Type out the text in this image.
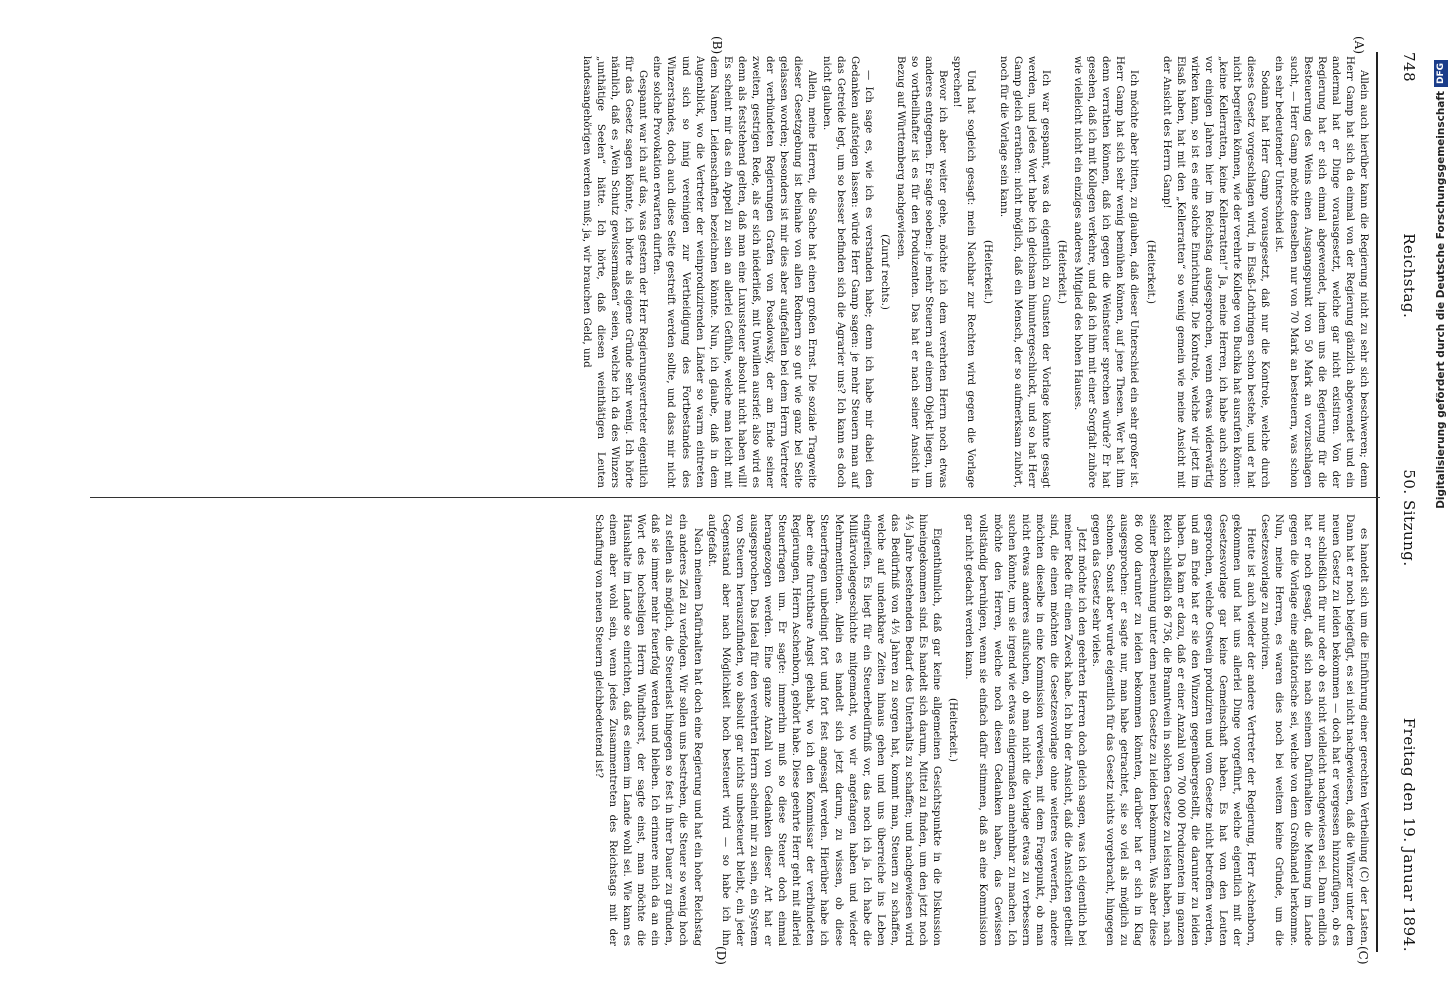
748
Reichstag.
50. Sitzung.
Freitag den 19. Januar 1894.
(A)
(B)
(C)
(D)

Allein auch hierüber kann die Regierung nicht zu sehr sich beschweren; denn Herr Gamp hat sich da einmal von der Regierung gänzlich abgewendet und ein andermal hat er Dinge vorausgesetzt, welche gar nicht existiren. Von der Regierung hat er sich einmal abgewendet, indem uns die Regierung für die Besteuerung des Weins einen Ausgangspunkt von 50 Mark an vorzuschlagen sucht, — Herr Gamp möchte denselben nur von 70 Mark an besteuern, was schon ein sehr bedeutender Unterschied ist.

Sodann hat Herr Gamp vorausgesetzt, daß nur die Kontrole, welche durch dieses Gesetz vorgeschlagen wird, in Elsaß-Lothringen schon bestehe, und er hat nicht begreifen können, wie der verehrte Kollege von Buchka hat ausrufen können: „keine Kellerratten, keine Kellerratten!“ Ja, meine Herren, ich habe auch schon vor einigen Jahren hier im Reichstag ausgesprochen, wenn etwas widerwärtig wirken kann, so ist es eine solche Einrichtung. Die Kontrole, welche wir jetzt im Elsaß haben, hat mit den „Kellerratten“ so wenig gemein wie meine Ansicht mit der Ansicht des Herrn Gamp!

(Heiterkeit.)

Ich möchte aber bitten, zu glauben, daß dieser Unterschied ein sehr großer ist. Herr Gamp hat sich sehr wenig bemühen können, auf jene Thesen. Wer hat ihm denn verrathen können, daß ich gegen die Weinsteuer sprechen würde? Er hat gesehen, daß ich mit Kollegen verkehre, und daß ich ihm mit einer Sorgfalt zuhöre wie vielleicht nicht ein einziges anderes Mitglied des hohen Hauses.

(Heiterkeit.)

Ich war gespannt, was da eigentlich zu Gunsten der Vorlage könnte gesagt werden, und jedes Wort habe ich gleichsam hinuntergeschluckt, und so hat Herr Gamp gleich errathen: nicht möglich, daß ein Mensch, der so aufmerksam zuhört, noch für die Vorlage sein kann.

(Heiterkeit.)

Und hat sogleich gesagt: mein Nachbar zur Rechten wird gegen die Vorlage sprechen!

Bevor ich aber weiter gehe, möchte ich dem verehrten Herrn noch etwas anderes entgegnen. Er sagte soeben: je mehr Steuern auf einem Objekt liegen, um so vortheilhafter ist es für den Produzenten. Das hat er nach seiner Ansicht in Bezug auf Württemberg nachgewiesen.

(Zuruf rechts.)

— Ich sage es, wie ich es verstanden habe; denn ich habe mir dabei den Gedanken aufsteigen lassen: würde Herr Gamp sagen: je mehr Steuern man auf das Getreide legt, um so besser befinden sich die Agrarier uns? Ich kann es doch nicht glauben.

Allein, meine Herren, die Sache hat einen großen Ernst. Die soziale Tragweite dieser Gesetzgebung ist beinahe von allen Rednern so gut wie ganz bei Seite gelassen worden; besonders ist mir dies aber aufgefallen bei dem Herrn Vertreter der verbündeten Regierungen Grafen von Posadowsky, der am Ende seiner zweiten, gestrigen Rede, als er sich niederließ, mit Unwillen ausrief: also wird es denn als feststehend gelten, daß man eine Luxussteuer absolut nicht haben will! Es scheint mir das ein Appell zu sein an allerlei Gefühle, welche man leicht mit dem Namen Leidenschaften bezeichnen könnte. Nun, ich glaube, daß in dem Augenblick, wo die Vertreter der weinproduzirenden Länder so warm eintreten und sich so innig vereinigen zur Vertheidigung des Fortbestandes des Winzerstandes, doch auch diese Seite gestreift werden sollte, und dass mir nicht eine solche Provokation erwarten durften.

Gespannt war ich auf das, was gestern der Herr Regierungsvertreter eigentlich für das Gesetz sagen könnte, ich hörte als eigene Gründe sehr wenig. Ich hörte nämlich, daß es „Wein Schutz gewissermaßen“ seien, welche ich da des Winzers „unthätige Seelen“ hätte. Ich hörte, daß diesen weinthätigen Leuten landesangehörigen werden muß; ja, wir brauchen Geld, und

es handelt sich um die Einführung einer gerechten Vertheilung (C) der Lasten. Dann hat er noch beigefügt, es sei nicht nachgewiesen, daß die Winzer unter dem neuen Gesetz zu leiden bekommen — doch hat er vergessen hinzuzufügen, ob es nur schließlich für nur oder ob es nicht vielleicht nachgewiesen sei. Dann endlich hat er noch gesagt, daß sich nach seinem Dafürhalten die Meinung im Lande gegen die Vorlage eine agitatorische sei, welche von dem Großhandel herkomme. Nun, meine Herren, es waren dies noch bei weitem keine Gründe, um die Gesetzesvorlage zu motiviren.

Heute ist auch wieder der andere Vertreter der Regierung, Herr Aschenborn, gekommen und hat uns allerlei Dinge vorgeführt, welche eigentlich mit der Gesetzesvorlage gar keine Gemeinschaft haben. Es hat von den Leuten gesprochen, welche Ostwein produziren und vom Gesetze nicht betroffen werden, und am Ende hat er sie den Winzern gegenübergestellt, die darunter zu leiden haben. Da kam er dazu, daß er einer Anzahl von 700 000 Produzenten im ganzen Reich schließlich 86 736, die Branntwein in solchen Gesetze zu leisten haben, nach seiner Berechnung unter dem neuen Gesetze zu leiden bekommen. Was aber diese 86 000 darunter zu leiden bekommen könnten, darüber hat er sich in Klag ausgesprochen: er sagte nur, man habe getrachtet, sie so viel als möglich zu schonen. Sonst aber wurde eigentlich für das Gesetz nichts vorgebracht, hingegen gegen das Gesetz sehr vieles.

Jetzt möchte ich den geehrten Herren doch gleich sagen, was ich eigentlich bei meiner Rede für einen Zweck habe. Ich bin der Ansicht, daß die Ansichten getheilt sind, die einen möchten die Gesetzesvorlage ohne weiteres verwerfen, andere möchten dieselbe in eine Kommission verweisen, mit dem Fragepunkt, ob man nicht etwas anderes aufsuchen, ob man nicht die Vorlage etwas zu verbessern suchen könnte, um sie irgend wie etwas einigermaßen annehmbar zu machen. Ich möchte den Herren, welche noch diesen Gedanken haben, das Gewissen vollständig beruhigen, wenn sie einfach dafür stimmen, daß an eine Kommission gar nicht gedacht werden kann.

(Heiterkeit.)

Eigenthümlich, daß gar keine allgemeinen Gesichtspunkte in die Diskussion hineingekommen sind. Es handelt sich darum, Mittel zu finden, um den jetzt noch 4⅓ Jahre bestehenden Bedarf des Unterhalts zu schaffen; und nachgewiesen wird das Bedürfniß von 4⅓ Jahren zu sorgen hat, kommt man, Steuern zu schaffen, welche auf undenkbare Zeiten hinaus gehen und uns überreiche ins Leben eingreifen. Es liegt für ein Steuerbedürfniß vor, das noch ich ja. Ich habe die Militärvorlagegeschichte mitgemacht, wo wir angefangen haben und wieder Mehrmenttionen. Allein es handelt sich jetzt darum, zu wissen, ob diese Steuerfragen unbedingt fort und fort fest angesagt werden. Hierüber habe ich aber eine furchtbare Angst gehabt, wo ich den Kommissar der verbündeten Regierungen, Herrn Aschenborn, gehört habe. Diese geehrte Herr geht mit allerlei Steuerfragen um. Er sagte: immerhin muß so diese Steuer doch einmal herangezogen werden. Eine ganze Anzahl von Gedanken dieser Art hat er ausgesprochen. Das Ideal für den verehrten Herrn scheint mir zu sein, ein System von Steuern herauszufinden, wo absolut gar nichts unbesteuert bleibt, ein jeder Gegenstand aber nach Möglichkeit hoch besteuert wird — so habe ich ihn aufgefaßt.

Nach meinem Dafürhalten hat doch eine Regierung und hat ein hoher Reichstag ein anderes Ziel zu verfolgen. Wir sollen uns bestreben, die Steuer so wenig hoch zu stellen als möglich, die Steuerlast hingegen so fest in ihrer Dauer zu gründen, daß sie immer mehr feuerfolg werden und bleiben. Ich erinnere mich da an ein Wort des hochseligen Herrn Windthorst, der sagte einst, man möchte die Haushalte im Lande so einrichten, daß es einem im Lande wohl sei. Wie kann es einem aber wohl sein, wenn jedes Zusammentreten des Reichstags mit der Schaffung von neuen Steuern gleichbedeutend ist?

Digitalisierung gefördert durch die Deutsche Forschungsgemeinschaft
DFG
